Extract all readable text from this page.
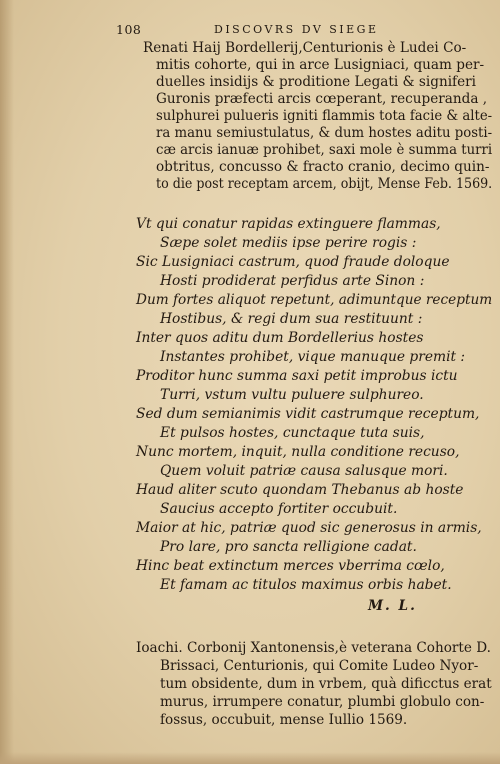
108	DISCOVRS DV SIEGE
Renati Haij Bordellerij,Centurionis è Ludei Co-
mitis cohorte, qui in arce Lusigniaci, quam per-
duelles insidijs & proditione Legati & signiferi
Guronis præfecti arcis cœperant, recuperanda ,
sulphurei pulueris igniti flammis tota facie & alte-
ra manu semiustulatus, & dum hostes aditu posti-
cæ arcis ianuæ prohibet, saxi mole è summa turri
obtritus, concusso & fracto cranio, decimo quin-
to die post receptam arcem, obijt, Mense Feb. 1569.
Vt qui conatur rapidas extinguere flammas,
Sæpe solet mediis ipse perire rogis :
Sic Lusigniaci castrum, quod fraude doloque
Hosti prodiderat perfidus arte Sinon :
Dum fortes aliquot repetunt, adimuntque receptum
Hostibus, & regi dum sua restituunt :
Inter quos aditu dum Bordellerius hostes
Instantes prohibet, vique manuque premit :
Proditor hunc summa saxi petit improbus ictu
Turri, vstum vultu puluere sulphureo.
Sed dum semianimis vidit castrumque receptum,
Et pulsos hostes, cunctaque tuta suis,
Nunc mortem, inquit, nulla conditione recuso,
Quem voluit patriæ causa salusque mori.
Haud aliter scuto quondam Thebanus ab hoste
Saucius accepto fortiter occubuit.
Maior at hic, patriæ quod sic generosus in armis,
Pro lare, pro sancta relligione cadat.
Hinc beat extinctum merces vberrima cœlo,
Et famam ac titulos maximus orbis habet.
M. L.
Ioachi. Corbonij Xantonensis,è veterana Cohorte D.
Brissaci, Centurionis, qui Comite Ludeo Nyor-
tum obsidente, dum in vrbem, quà dificctus erat
murus, irrumpere conatur, plumbi globulo con-
fossus, occubuit, mense Iullio 1569.
